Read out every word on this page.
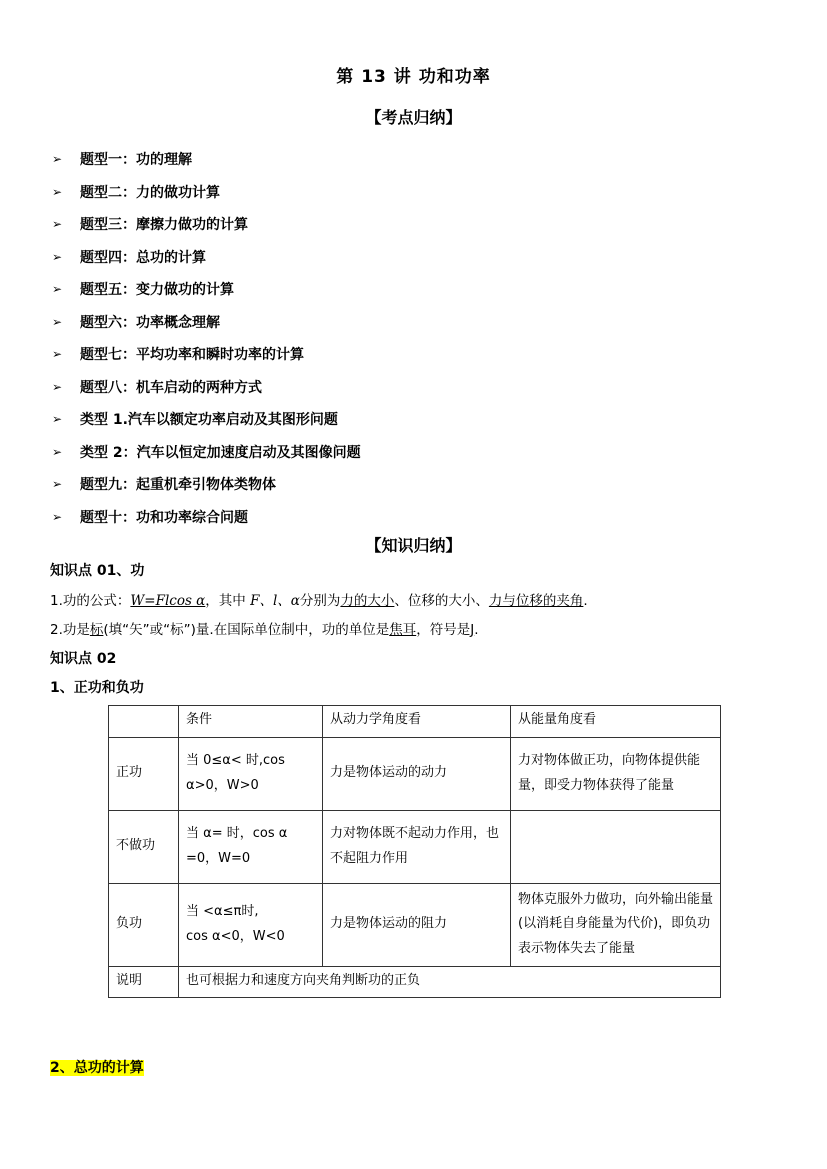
第 13 讲 功和功率
【考点归纳】
➢	题型一：功的理解
➢	题型二：力的做功计算
➢	题型三：摩擦力做功的计算
➢	题型四：总功的计算
➢	题型五：变力做功的计算
➢	题型六：功率概念理解
➢	题型七：平均功率和瞬时功率的计算
➢	题型八：机车启动的两种方式
➢	类型 1.汽车以额定功率启动及其图形问题
➢	类型 2：汽车以恒定加速度启动及其图像问题
➢	题型九：起重机牵引物体类物体
➢	题型十：功和功率综合问题
【知识归纳】
知识点 01、功
1.功的公式：W=Flcos α，其中 F、l、α分别为力的大小、位移的大小、力与位移的夹角.
2.功是标(填“矢”或“标”)量.在国际单位制中，功的单位是焦耳，符号是J.
知识点 02
1、正功和负功
	条件	从动力学角度看	从能量角度看
正功	当 0≤α< 时,cos
α>0，W>0	力是物体运动的动力	力对物体做正功，向物体提供能量，即受力物体获得了能量
不做功	当 α= 时，cos α
=0，W=0	力对物体既不起动力作用，也不起阻力作用	
负功	当 <α≤π时,
cos α<0，W<0	力是物体运动的阻力	物体克服外力做功，向外输出能量(以消耗自身能量为代价)，即负功表示物体失去了能量
说明	也可根据力和速度方向夹角判断功的正负		
2、总功的计算
